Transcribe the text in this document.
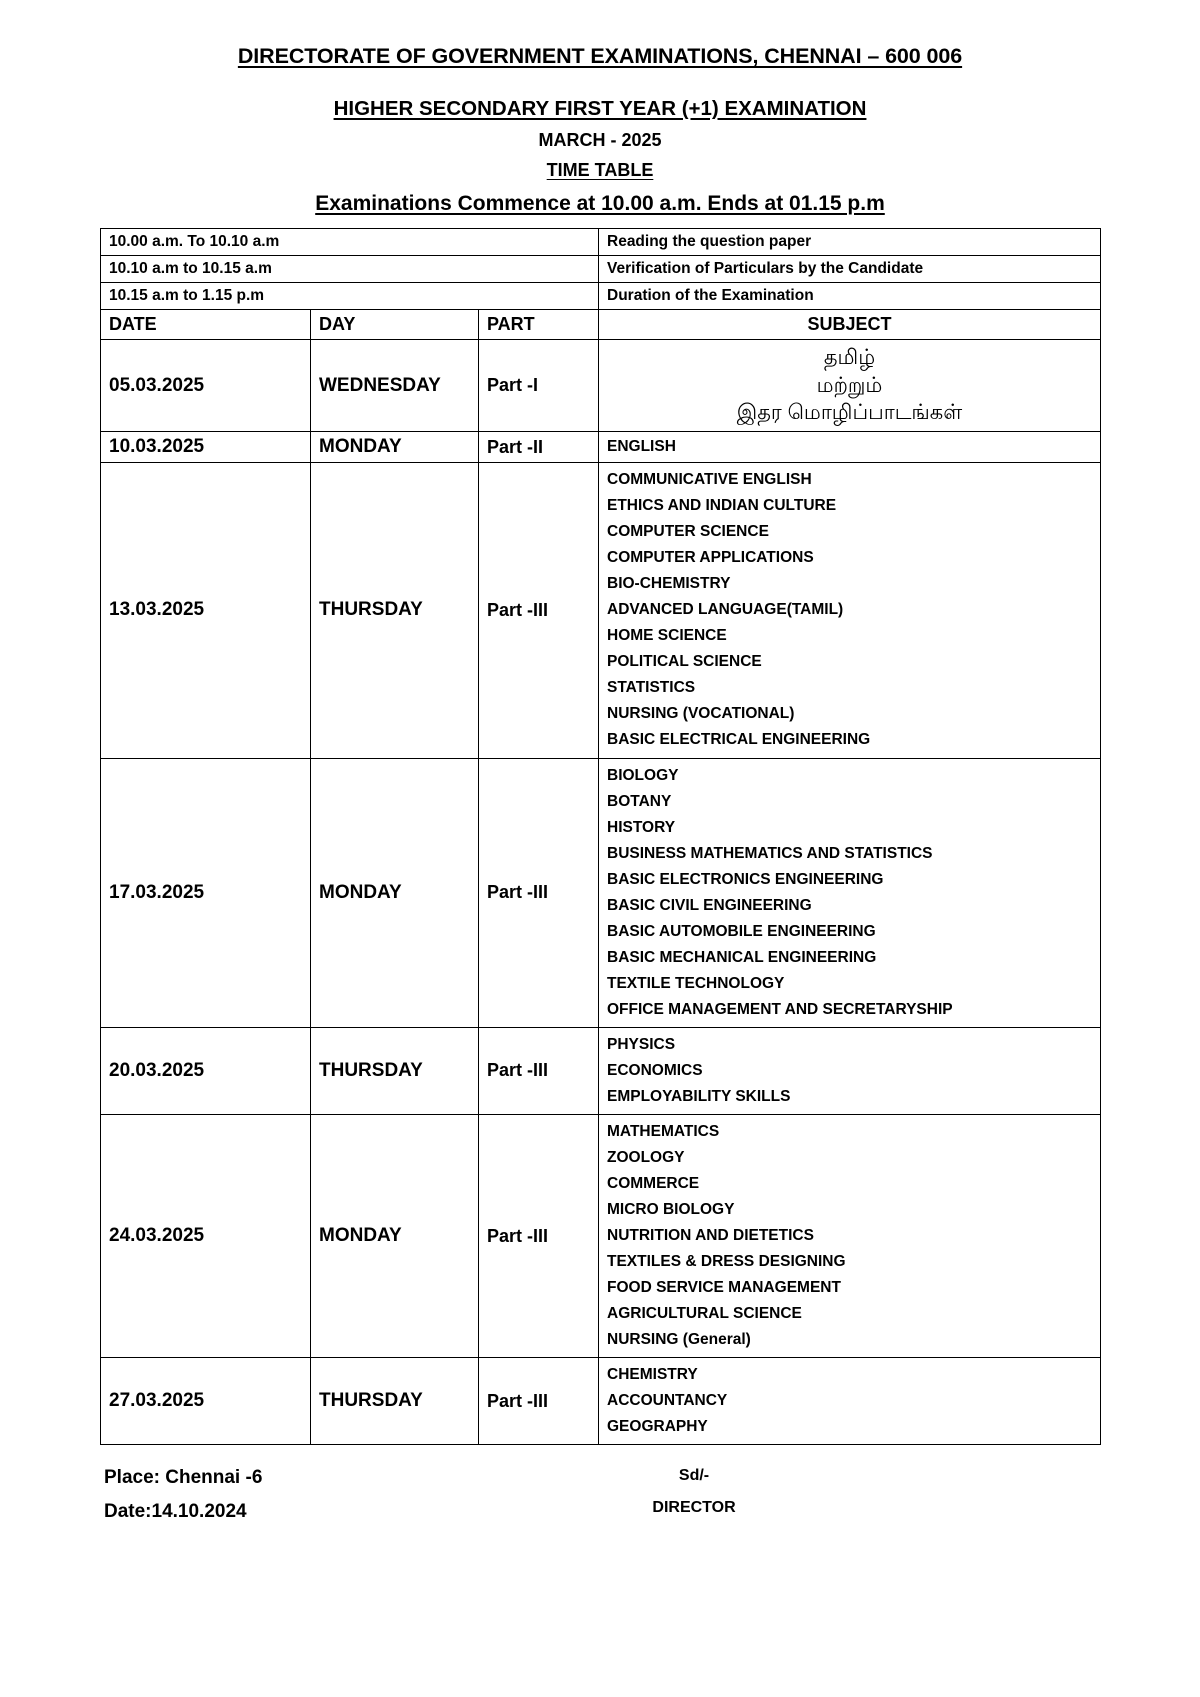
DIRECTORATE OF GOVERNMENT EXAMINATIONS, CHENNAI – 600 006
HIGHER SECONDARY FIRST YEAR (+1) EXAMINATION
MARCH - 2025
TIME TABLE
Examinations Commence at 10.00 a.m. Ends at 01.15 p.m
10.00 a.m. To 10.10 a.m			Reading the question paper
10.10 a.m to 10.15 a.m			Verification of Particulars by the Candidate
10.15 a.m to 1.15 p.m			Duration of the Examination
DATE	DAY	PART	SUBJECT
05.03.2025	WEDNESDAY	Part -I	தமிழ்
மற்றும்
இதர மொழிப்பாடங்கள்

10.03.2025	MONDAY	Part -II	ENGLISH

13.03.2025	THURSDAY	Part -III	
COMMUNICATIVE ENGLISH
ETHICS AND INDIAN CULTURE
COMPUTER SCIENCE
COMPUTER APPLICATIONS
BIO-CHEMISTRY
ADVANCED LANGUAGE(TAMIL)
HOME SCIENCE
POLITICAL SCIENCE
STATISTICS
NURSING (VOCATIONAL)
BASIC ELECTRICAL ENGINEERING

17.03.2025	MONDAY	Part -III	
BIOLOGY
BOTANY
HISTORY
BUSINESS MATHEMATICS AND STATISTICS
BASIC ELECTRONICS ENGINEERING
BASIC CIVIL ENGINEERING
BASIC AUTOMOBILE ENGINEERING
BASIC MECHANICAL ENGINEERING
TEXTILE TECHNOLOGY
OFFICE MANAGEMENT AND SECRETARYSHIP

20.03.2025	THURSDAY	Part -III	PHYSICS
ECONOMICS
EMPLOYABILITY SKILLS

24.03.2025	MONDAY	Part -III	
MATHEMATICS
ZOOLOGY
COMMERCE
MICRO BIOLOGY
NUTRITION AND DIETETICS
TEXTILES & DRESS DESIGNING
FOOD SERVICE MANAGEMENT
AGRICULTURAL SCIENCE
NURSING (General)

27.03.2025	THURSDAY	Part -III	CHEMISTRY
ACCOUNTANCY
GEOGRAPHY
Place: Chennai -6
Date:14.10.2024
Sd/-
DIRECTOR
